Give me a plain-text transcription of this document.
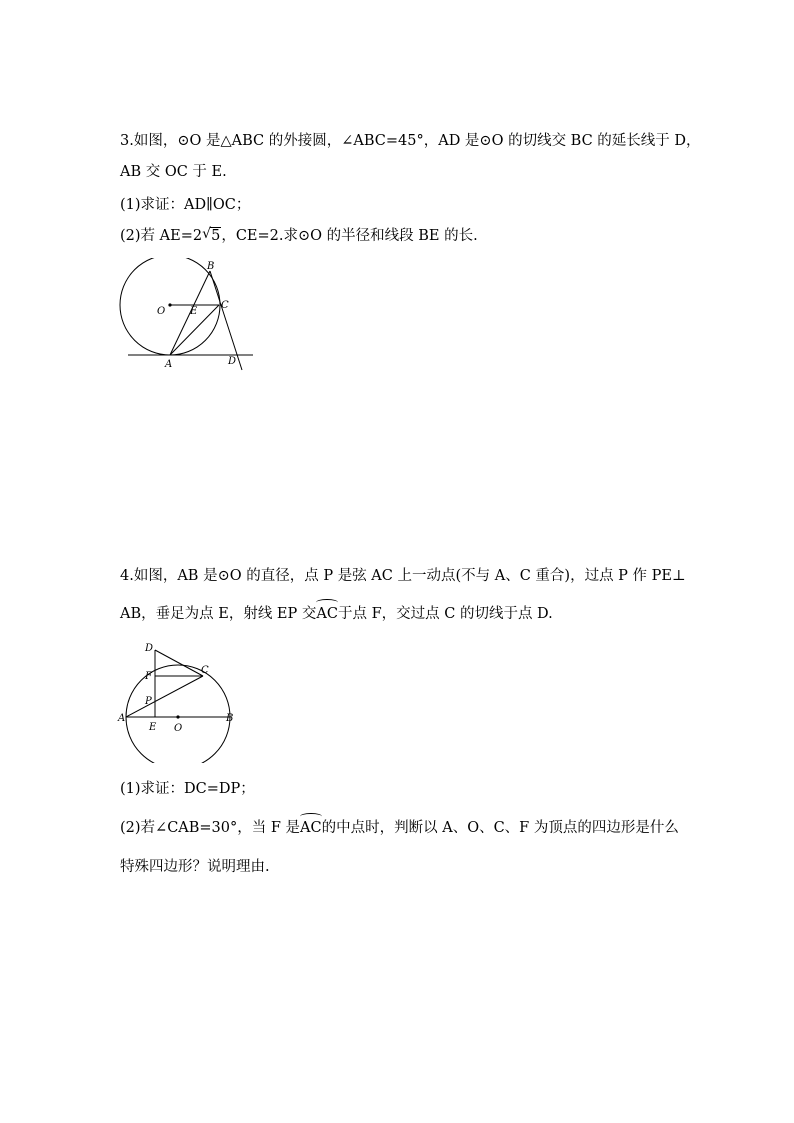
3.如图，⊙O 是△ABC 的外接圆，∠ABC=45°，AD 是⊙O 的切线交 BC 的延长线于 D，
AB 交 OC 于 E.
(1)求证：AD∥OC；
(2)若 AE=2 √ 5，CE=2.求⊙O 的半径和线段 BE 的长.
B
O E
C
A	D
4.如图，AB 是⊙O 的直径，点 P 是弦 AC 上一动点(不与 A、C 重合)，过点 P 作 PE⊥
AB，垂足为点 E，射线 EP 交
AC于点 F，交过点 C 的切线于点 D.
D
F
C
P
A
E O
B
(1)求证：DC=DP；
(2)若∠CAB=30°，当 F 是
AC的中点时，判断以 A、O、C、F 为顶点的四边形是什么
特殊四边形？说明理由.
